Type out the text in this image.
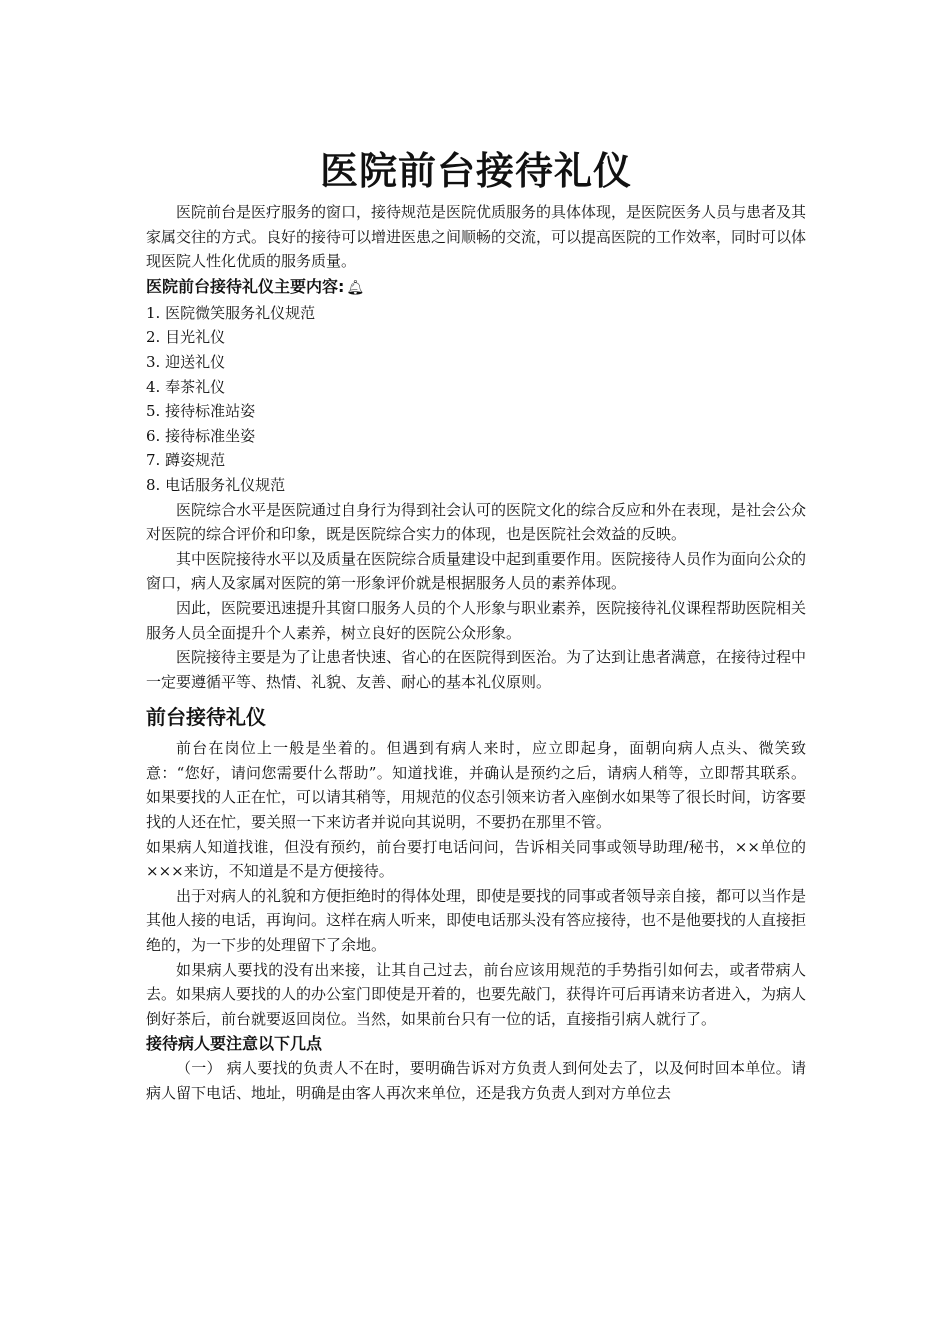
医院前台接待礼仪

医院前台是医疗服务的窗口，接待规范是医院优质服务的具体体现，是医院医务人员与患者及其家属交往的方式。良好的接待可以增进医患之间顺畅的交流，可以提高医院的工作效率，同时可以体现医院人性化优质的服务质量。

医院前台接待礼仪主要内容: 🔔︎
1. 医院微笑服务礼仪规范
2. 目光礼仪
3. 迎送礼仪
4. 奉茶礼仪
5. 接待标准站姿
6. 接待标准坐姿
7. 蹲姿规范
8. 电话服务礼仪规范

医院综合水平是医院通过自身行为得到社会认可的医院文化的综合反应和外在表现，是社会公众对医院的综合评价和印象，既是医院综合实力的体现，也是医院社会效益的反映。

其中医院接待水平以及质量在医院综合质量建设中起到重要作用。医院接待人员作为面向公众的窗口，病人及家属对医院的第一形象评价就是根据服务人员的素养体现。

因此，医院要迅速提升其窗口服务人员的个人形象与职业素养，医院接待礼仪课程帮助医院相关服务人员全面提升个人素养，树立良好的医院公众形象。

医院接待主要是为了让患者快速、省心的在医院得到医治。为了达到让患者满意，在接待过程中一定要遵循平等、热情、礼貌、友善、耐心的基本礼仪原则。

前台接待礼仪

前台在岗位上一般是坐着的。但遇到有病人来时，应立即起身，面朝向病人点头、微笑致意：“您好，请问您需要什么帮助”。知道找谁，并确认是预约之后，请病人稍等，立即帮其联系。如果要找的人正在忙，可以请其稍等，用规范的仪态引领来访者入座倒水如果等了很长时间，访客要找的人还在忙，要关照一下来访者并说向其说明，不要扔在那里不管。

如果病人知道找谁，但没有预约，前台要打电话问问，告诉相关同事或领导助理/秘书，××单位的×××来访，不知道是不是方便接待。

出于对病人的礼貌和方便拒绝时的得体处理，即使是要找的同事或者领导亲自接，都可以当作是其他人接的电话，再询问。这样在病人听来，即使电话那头没有答应接待，也不是他要找的人直接拒绝的，为一下步的处理留下了余地。

如果病人要找的没有出来接，让其自己过去，前台应该用规范的手势指引如何去，或者带病人去。如果病人要找的人的办公室门即使是开着的，也要先敲门，获得许可后再请来访者进入，为病人倒好茶后，前台就要返回岗位。当然，如果前台只有一位的话，直接指引病人就行了。

接待病人要注意以下几点

（一） 病人要找的负责人不在时，要明确告诉对方负责人到何处去了，以及何时回本单位。请病人留下电话、地址，明确是由客人再次来单位，还是我方负责人到对方单位去
